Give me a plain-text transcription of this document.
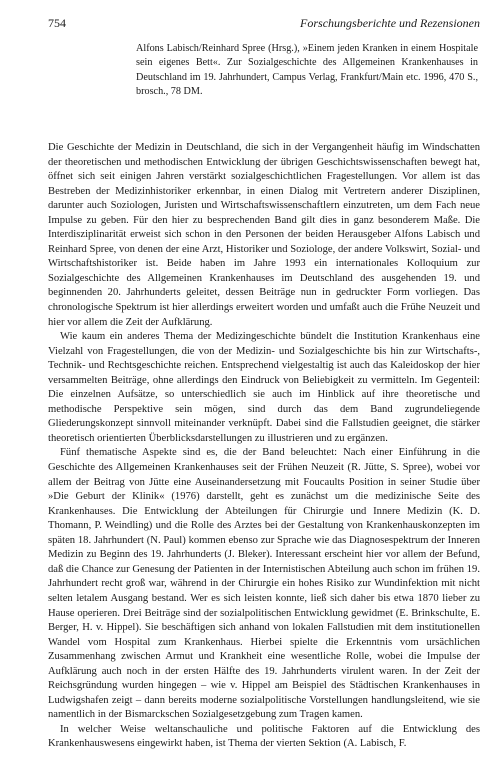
754	Forschungsberichte und Rezensionen
Alfons Labisch/Reinhard Spree (Hrsg.), »Einem jeden Kranken in einem Hospitale sein eigenes Bett«. Zur Sozialgeschichte des Allgemeinen Krankenhauses in Deutschland im 19. Jahrhundert, Campus Verlag, Frankfurt/Main etc. 1996, 470 S., brosch., 78 DM.

Die Geschichte der Medizin in Deutschland, die sich in der Vergangenheit häufig im Windschatten der theoretischen und methodischen Entwicklung der übrigen Geschichtswissenschaften bewegt hat, öffnet sich seit einigen Jahren verstärkt sozialgeschichtlichen Fragestellungen. Vor allem ist das Bestreben der Medizinhistoriker erkennbar, in einen Dialog mit Vertretern anderer Disziplinen, darunter auch Soziologen, Juristen und Wirtschaftswissenschaftlern einzutreten, um dem Fach neue Impulse zu geben. Für den hier zu besprechenden Band gilt dies in ganz besonderem Maße. Die Interdisziplinarität erweist sich schon in den Personen der beiden Herausgeber Alfons Labisch und Reinhard Spree, von denen der eine Arzt, Historiker und Soziologe, der andere Volkswirt, Sozial- und Wirtschaftshistoriker ist. Beide haben im Jahre 1993 ein internationales Kolloquium zur Sozialgeschichte des Allgemeinen Krankenhauses im Deutschland des ausgehenden 19. und beginnenden 20. Jahrhunderts geleitet, dessen Beiträge nun in gedruckter Form vorliegen. Das chronologische Spektrum ist hier allerdings erweitert worden und umfaßt auch die Frühe Neuzeit und hier vor allem die Zeit der Aufklärung.

Wie kaum ein anderes Thema der Medizingeschichte bündelt die Institution Krankenhaus eine Vielzahl von Fragestellungen, die von der Medizin- und Sozialgeschichte bis hin zur Wirtschafts-, Technik- und Rechtsgeschichte reichen. Entsprechend vielgestaltig ist auch das Kaleidoskop der hier versammelten Beiträge, ohne allerdings den Eindruck von Beliebigkeit zu vermitteln. Im Gegenteil: Die einzelnen Aufsätze, so unterschiedlich sie auch im Hinblick auf ihre theoretische und methodische Perspektive sein mögen, sind durch das dem Band zugrundeliegende Gliederungskonzept sinnvoll miteinander verknüpft. Dabei sind die Fallstudien geeignet, die stärker theoretisch orientierten Überblicksdarstellungen zu illustrieren und zu ergänzen.

Fünf thematische Aspekte sind es, die der Band beleuchtet: Nach einer Einführung in die Geschichte des Allgemeinen Krankenhauses seit der Frühen Neuzeit (R. Jütte, S. Spree), wobei vor allem der Beitrag von Jütte eine Auseinandersetzung mit Foucaults Position in seiner Studie über »Die Geburt der Klinik« (1976) darstellt, geht es zunächst um die medizinische Seite des Krankenhauses. Die Entwicklung der Abteilungen für Chirurgie und Innere Medizin (K. D. Thomann, P. Weindling) und die Rolle des Arztes bei der Gestaltung von Krankenhauskonzepten im späten 18. Jahrhundert (N. Paul) kommen ebenso zur Sprache wie das Diagnosespektrum der Inneren Medizin zu Beginn des 19. Jahrhunderts (J. Bleker). Interessant erscheint hier vor allem der Befund, daß die Chance zur Genesung der Patienten in der Internistischen Abteilung auch schon im frühen 19. Jahrhundert recht groß war, während in der Chirurgie ein hohes Risiko zur Wundinfektion mit nicht selten letalem Ausgang bestand. Wer es sich leisten konnte, ließ sich daher bis etwa 1870 lieber zu Hause operieren. Drei Beiträge sind der sozialpolitischen Entwicklung gewidmet (E. Brinkschulte, E. Berger, H. v. Hippel). Sie beschäftigen sich anhand von lokalen Fallstudien mit dem institutionellen Wandel vom Hospital zum Krankenhaus. Hierbei spielte die Erkenntnis vom ursächlichen Zusammenhang zwischen Armut und Krankheit eine wesentliche Rolle, wobei die Impulse der Aufklärung auch noch in der ersten Hälfte des 19. Jahrhunderts virulent waren. In der Zeit der Reichsgründung wurden hingegen – wie v. Hippel am Beispiel des Städtischen Krankenhauses in Ludwigshafen zeigt – dann bereits moderne sozialpolitische Vorstellungen handlungsleitend, wie sie namentlich in der Bismarckschen Sozialgesetzgebung zum Tragen kamen.

In welcher Weise weltanschauliche und politische Faktoren auf die Entwicklung des Krankenhauswesens eingewirkt haben, ist Thema der vierten Sektion (A. Labisch, F.
